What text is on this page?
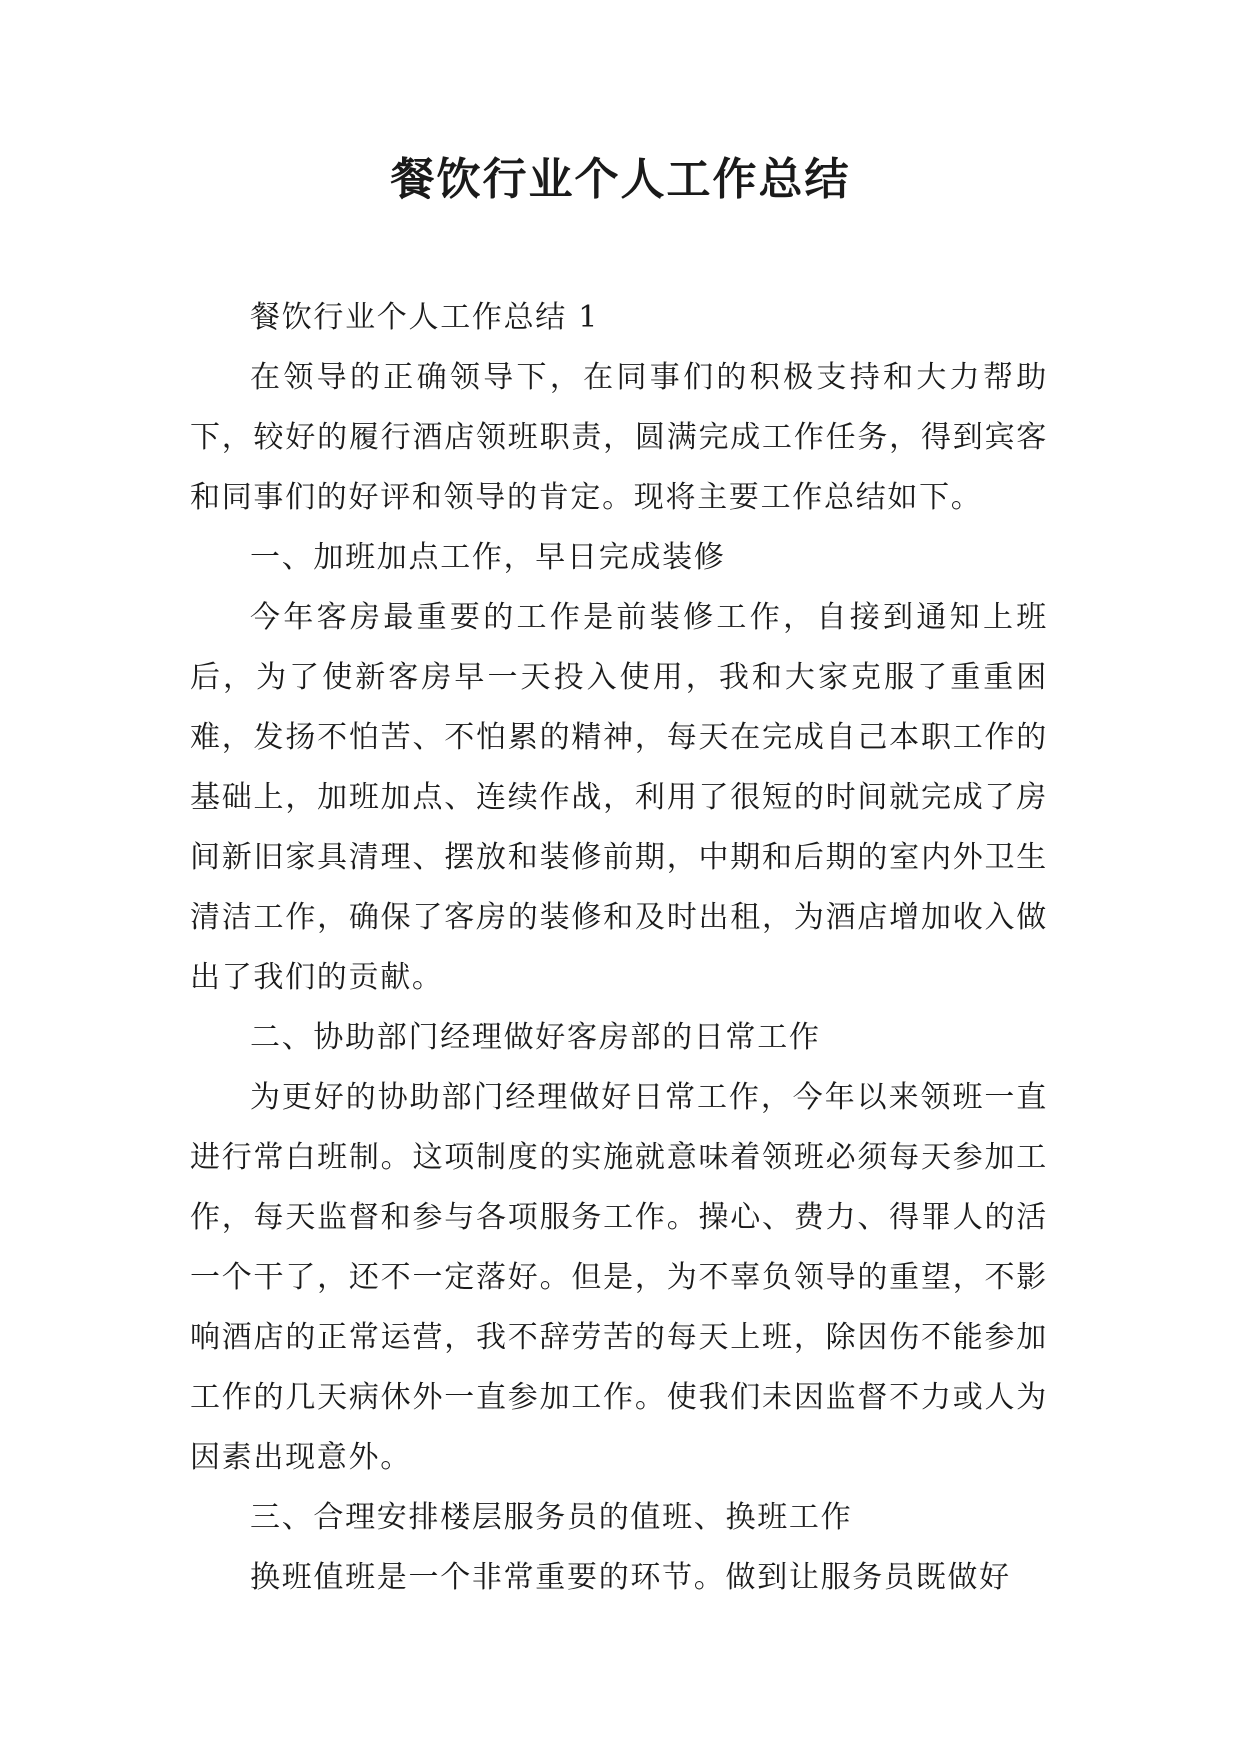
餐饮行业个人工作总结

餐饮行业个人工作总结 1

在领导的正确领导下，在同事们的积极支持和大力帮助下，较好的履行酒店领班职责，圆满完成工作任务，得到宾客和同事们的好评和领导的肯定。现将主要工作总结如下。

一、加班加点工作，早日完成装修

今年客房最重要的工作是前装修工作，自接到通知上班后，为了使新客房早一天投入使用，我和大家克服了重重困难，发扬不怕苦、不怕累的精神，每天在完成自己本职工作的基础上，加班加点、连续作战，利用了很短的时间就完成了房间新旧家具清理、摆放和装修前期，中期和后期的室内外卫生清洁工作，确保了客房的装修和及时出租，为酒店增加收入做出了我们的贡献。

二、协助部门经理做好客房部的日常工作

为更好的协助部门经理做好日常工作，今年以来领班一直进行常白班制。这项制度的实施就意味着领班必须每天参加工作，每天监督和参与各项服务工作。操心、费力、得罪人的活一个干了，还不一定落好。但是，为不辜负领导的重望，不影响酒店的正常运营，我不辞劳苦的每天上班，除因伤不能参加工作的几天病休外一直参加工作。使我们未因监督不力或人为因素出现意外。

三、合理安排楼层服务员的值班、换班工作

换班值班是一个非常重要的环节。做到让服务员既做好
